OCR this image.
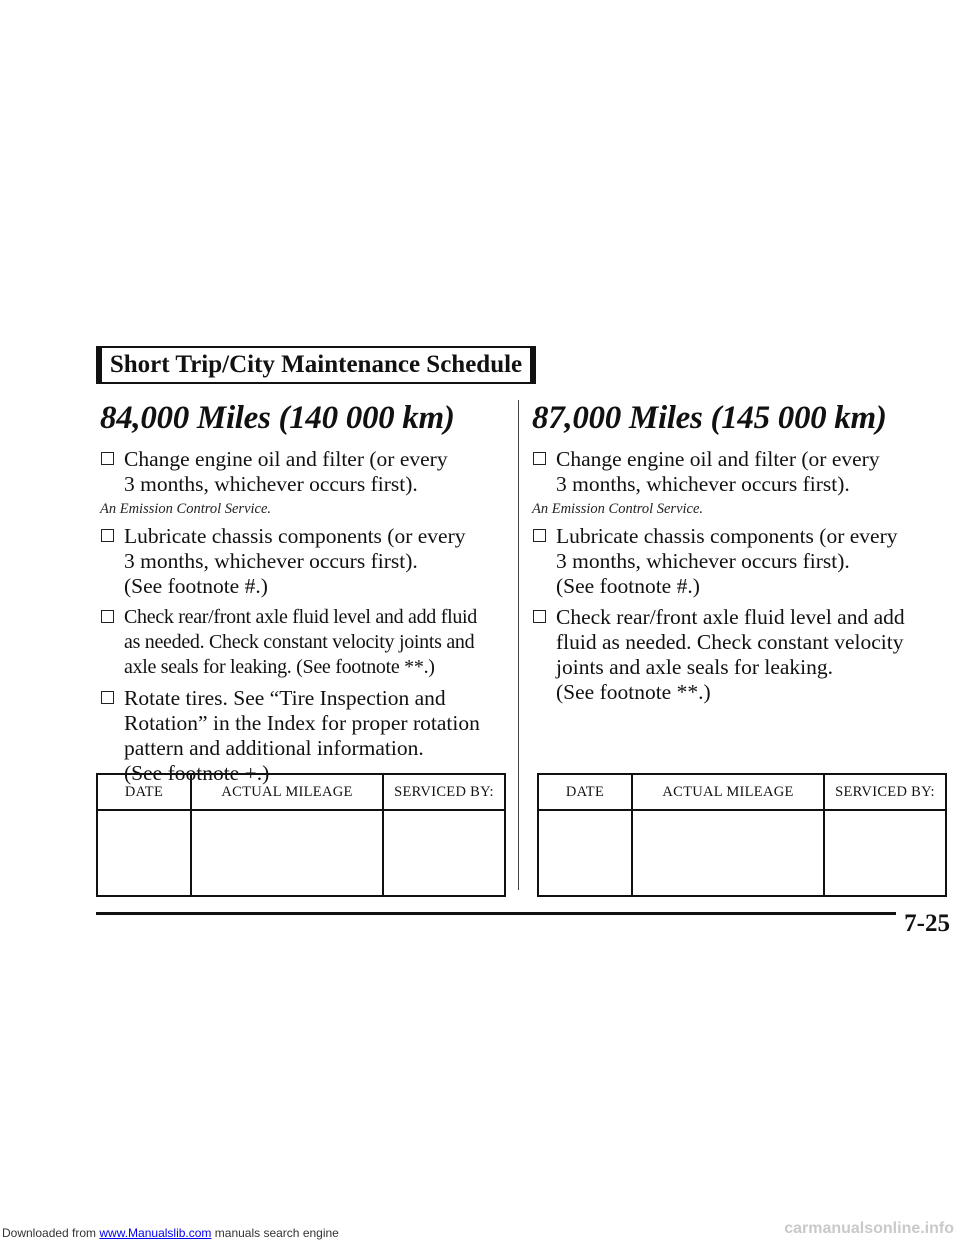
Short Trip/City Maintenance Schedule
84,000 Miles (140 000 km)
Change engine oil and filter (or every
3 months, whichever occurs first).
An Emission Control Service.
Lubricate chassis components (or every
3 months, whichever occurs first).
(See footnote #.)
Check rear/front axle fluid level and add fluid
as needed. Check constant velocity joints and
axle seals for leaking. (See footnote **.)
Rotate tires. See “Tire Inspection and
Rotation” in the Index for proper rotation
pattern and additional information.
(See footnote +.)
87,000 Miles (145 000 km)
Change engine oil and filter (or every
3 months, whichever occurs first).
An Emission Control Service.
Lubricate chassis components (or every
3 months, whichever occurs first).
(See footnote #.)
Check rear/front axle fluid level and add
fluid as needed. Check constant velocity
joints and axle seals for leaking.
(See footnote **.)
DATE	ACTUAL MILEAGE	SERVICED BY:
			DATE	ACTUAL MILEAGE	SERVICED BY:

7-25
Downloaded from www.Manualslib.com manuals search engine	carmanualsonline.info
